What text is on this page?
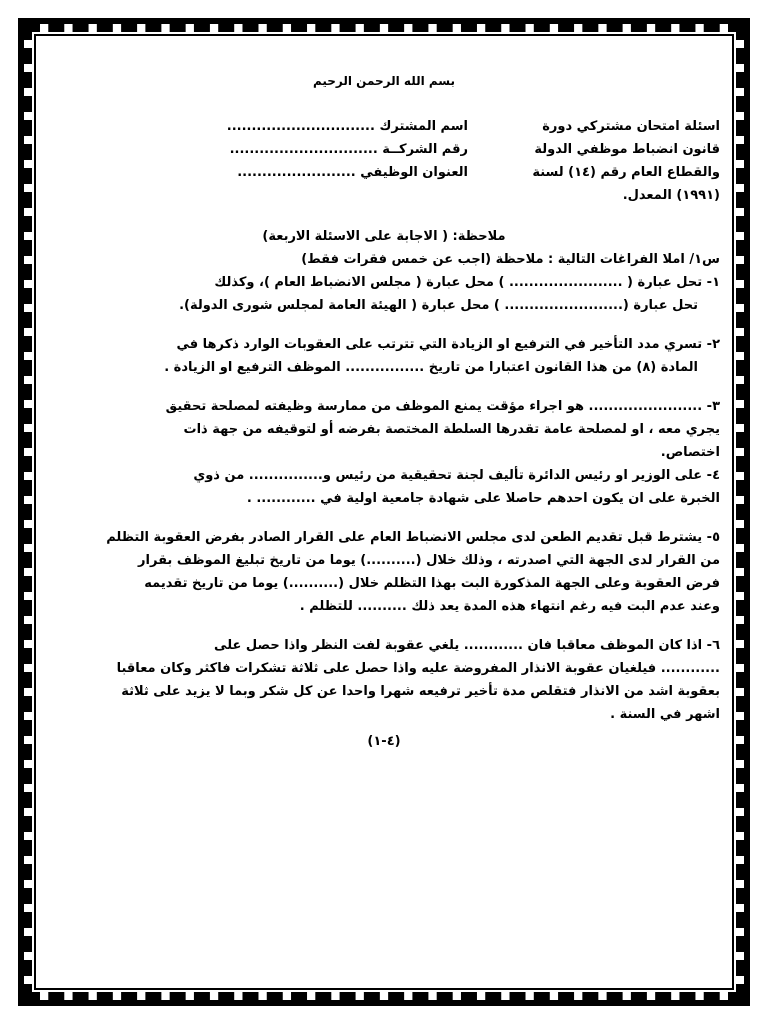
بسم الله الرحمن الرحيم
اسئلة امتحان مشتركي دورة
قانون انضباط موظفي الدولة
والقطاع العام رقم (١٤) لسنة
(١٩٩١) المعدل.
اسم المشترك ..............................
رقم الشركــة ..............................
العنوان الوظيفي ........................
ملاحظة: ( الاجابة على الاسئلة الاربعة)
س١/ املا الفراغات التالية : ملاحظة (اجب عن خمس فقرات فقط)
١- تحل عبارة ( ....................... ) محل عبارة ( مجلس الانضباط العام )، وكذلك
تحل عبارة (........................ ) محل عبارة ( الهيئة العامة لمجلس شورى الدولة).
٢- تسري مدد التأخير في الترفيع او الزيادة التي تترتب على العقوبات الوارد ذكرها في
المادة (٨) من هذا القانون اعتبارا من تاريخ ................ الموظف الترفيع او الزيادة .
٣- ....................... هو اجراء مؤقت يمنع الموظف من ممارسة وظيفته لمصلحة تحقيق
يجري معه ، او لمصلحة عامة تقدرها السلطة المختصة بفرضه أو لتوقيفه من جهة ذات
اختصاص.
٤- على الوزير او رئيس الدائرة تأليف لجنة تحقيقية من رئيس و............... من ذوي
الخبرة على ان يكون احدهم حاصلا على شهادة جامعية اولية في ............ .
٥- يشترط قبل تقديم الطعن لدى مجلس الانضباط العام على القرار الصادر بفرض العقوبة التظلم
من القرار لدى الجهة التي اصدرته ، وذلك خلال (..........) يوما من تاريخ تبليغ الموظف بقرار
فرض العقوبة وعلى الجهة المذكورة البت بهذا التظلم خلال (..........) يوما من تاريخ تقديمه
وعند عدم البت فيه رغم انتهاء هذه المدة يعد ذلك .......... للتظلم .
٦- اذا كان الموظف معاقبا فان ............ يلغي عقوبة لفت النظر واذا حصل على
............ فيلغيان عقوبة الانذار المفروضة عليه واذا حصل على ثلاثة تشكرات فاكثر وكان معاقبا
بعقوبة اشد من الانذار فتقلص مدة تأخير ترفيعه شهرا واحدا عن كل شكر وبما لا يزيد على ثلاثة
اشهر في السنة .
(٤-١)
